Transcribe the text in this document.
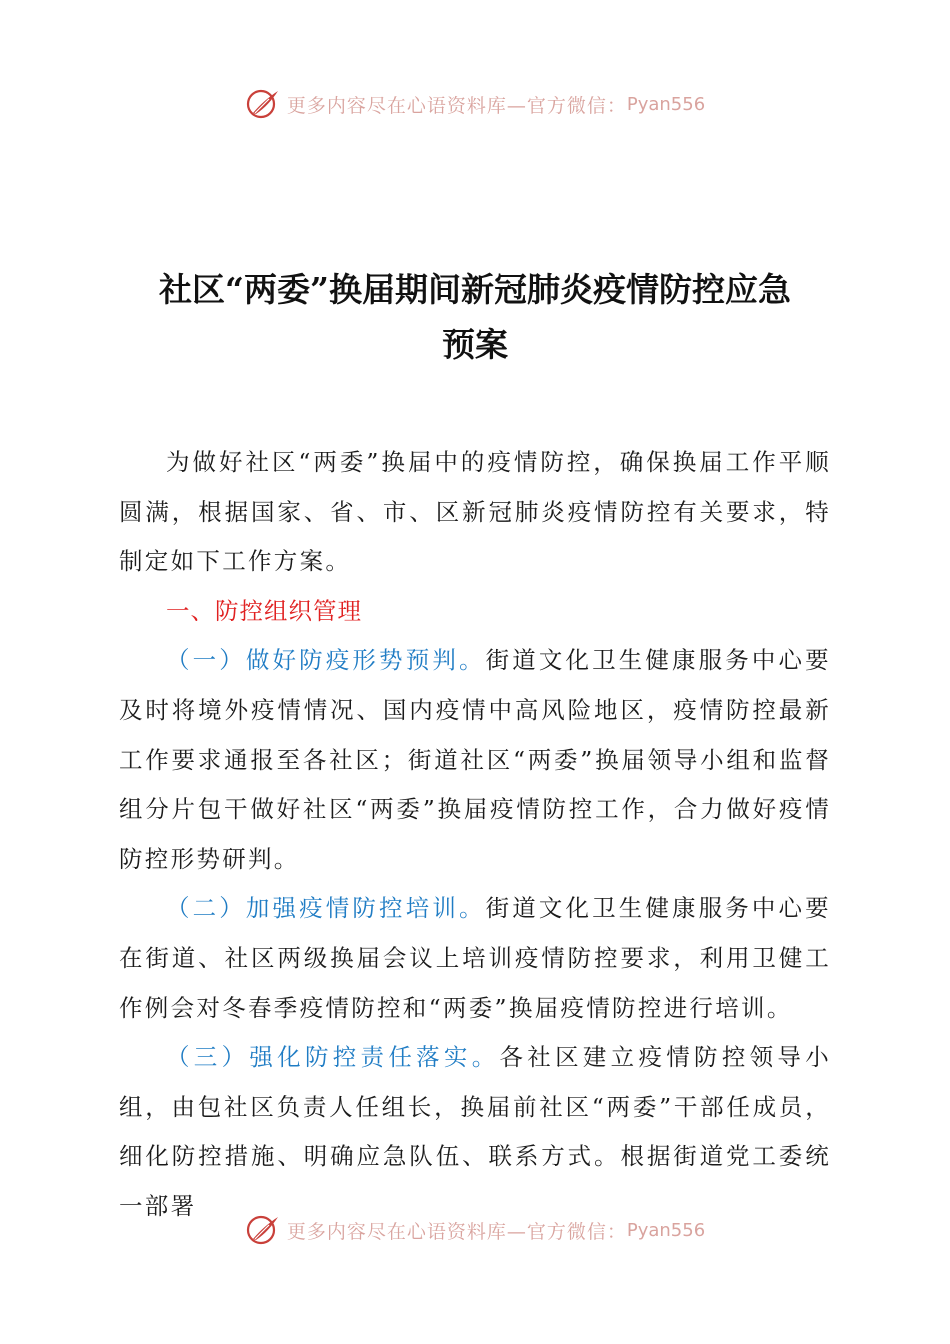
更多内容尽在心语资料库—官方微信： Pyan556
社区“两委”换届期间新冠肺炎疫情防控应急
预案

为做好社区“两委”换届中的疫情防控，确保换届工作平顺圆满，根据国家、省、市、区新冠肺炎疫情防控有关要求，特制定如下工作方案。

一、防控组织管理

（一）做好防疫形势预判。街道文化卫生健康服务中心要及时将境外疫情情况、国内疫情中高风险地区，疫情防控最新工作要求通报至各社区；街道社区“两委”换届领导小组和监督组分片包干做好社区“两委”换届疫情防控工作，合力做好疫情防控形势研判。

（二）加强疫情防控培训。街道文化卫生健康服务中心要在街道、社区两级换届会议上培训疫情防控要求，利用卫健工作例会对冬春季疫情防控和“两委”换届疫情防控进行培训。

（三）强化防控责任落实。各社区建立疫情防控领导小组，由包社区负责人任组长，换届前社区“两委”干部任成员，细化防控措施、明确应急队伍、联系方式。根据街道党工委统一部署

更多内容尽在心语资料库—官方微信： Pyan556
